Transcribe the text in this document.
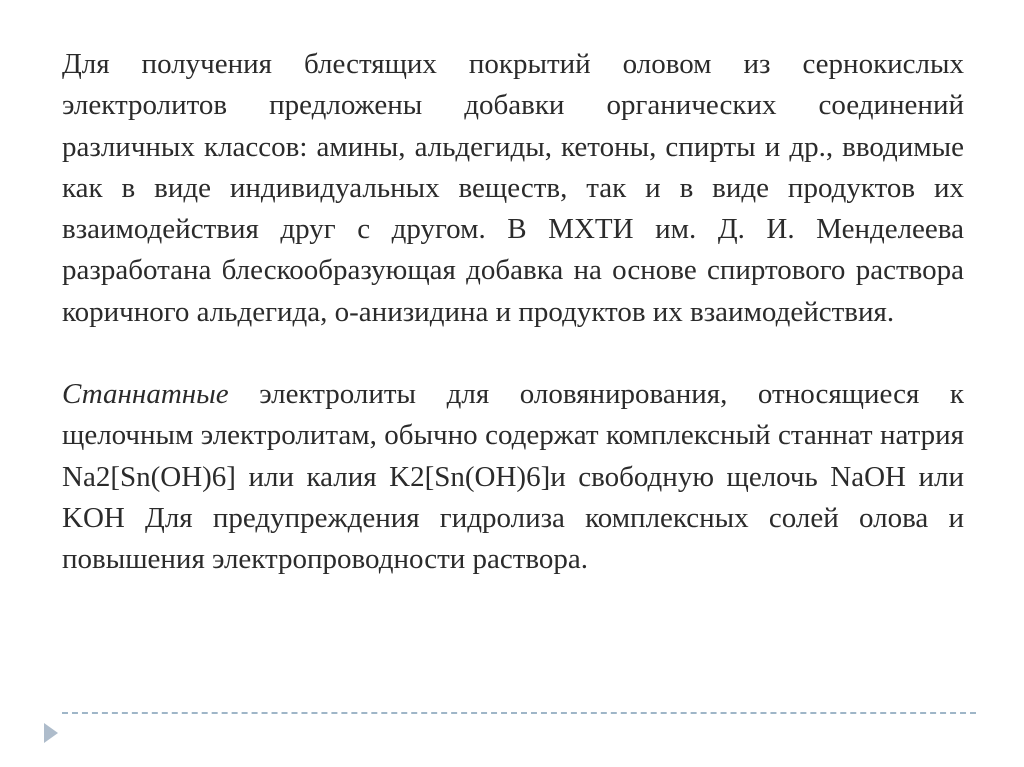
Для получения блестящих покрытий оловом из сернокислых электролитов предложены добавки органических соединений различных классов: амины, альдегиды, кетоны, спирты и др., вводимые как в виде индивидуальных веществ, так и в виде продуктов их взаимодействия друг с другом. В МХТИ им. Д. И. Менделеева разработана блескообразующая добавка на основе спиртового раствора коричного альдегида, о-анизидина и продуктов их взаимодействия.

Станнатные электролиты для оловянирования, относящиеся к щелочным электролитам, обычно содержат комплексный станнат натрия Na2[Sn(OH)6] или калия K2[Sn(OH)6]и свободную щелочь NaOH или KOH Для предупреждения гидролиза комплексных солей олова и повышения электропроводности раствора.
